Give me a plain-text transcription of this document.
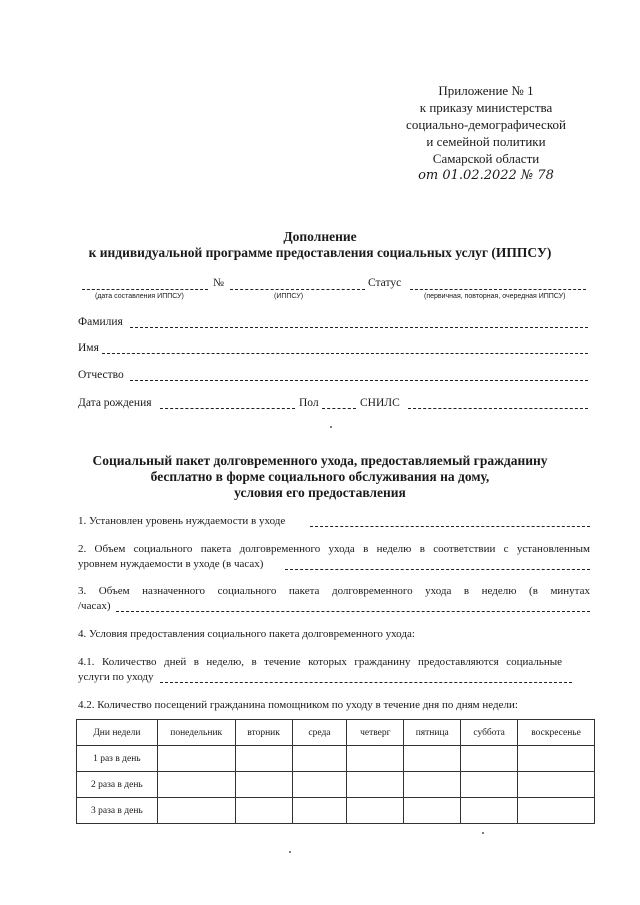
Приложение № 1
к приказу министерства
социально-демографической
и семейной политики
Самарской области
от 01.02.2022 № 78
Дополнение
к индивидуальной программе предоставления социальных услуг (ИППСУ)
№	Статус
(дата составления ИППСУ)	(ИППСУ)	(первичная, повторная, очередная ИППСУ)
Фамилия
Имя
Отчество
Дата рождения	Пол	СНИЛС
Социальный пакет долговременного ухода, предоставляемый гражданину
бесплатно в форме социального обслуживания на дому,
условия его предоставления
1. Установлен уровень нуждаемости в уходе
2. Объем социального пакета долговременного ухода в неделю в соответствии с установленным
уровнем нуждаемости в уходе (в часах)
3. Объем назначенного социального пакета долговременного ухода в неделю (в минутах
/часах)
4. Условия предоставления социального пакета долговременного ухода:
4.1. Количество дней в неделю, в течение которых гражданину предоставляются социальные
услуги по уходу
4.2. Количество посещений гражданина помощником по уходу в течение дня по дням недели:
Дни недели	понедельник	вторник	среда	четверг	пятница	суббота	воскресенье
1 раз в день							
2 раза в день							
3 раза в день							
